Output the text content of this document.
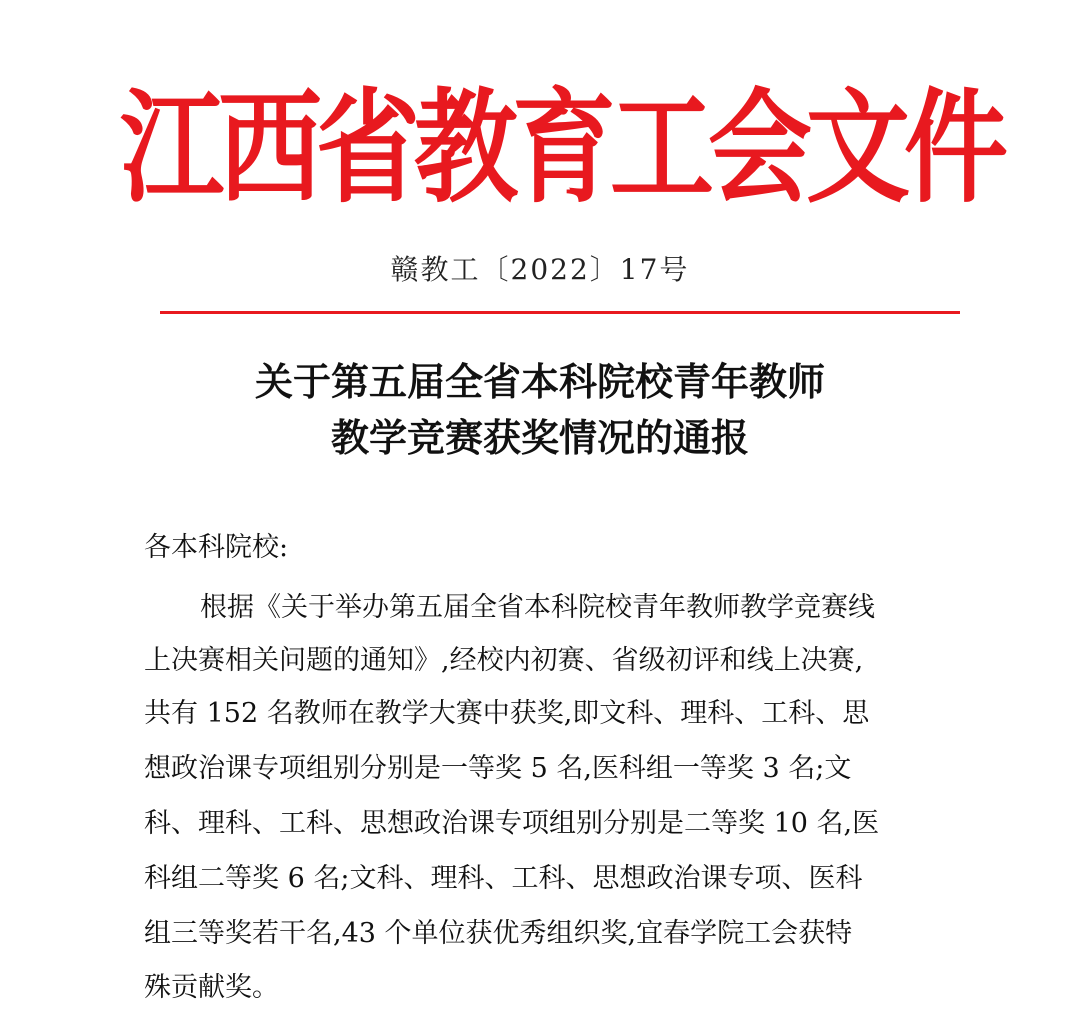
江西省教育工会文件
赣教工〔2022〕17号
关于第五届全省本科院校青年教师
教学竞赛获奖情况的通报
各本科院校:
根据《关于举办第五届全省本科院校青年教师教学竞赛线
上决赛相关问题的通知》,经校内初赛、省级初评和线上决赛,
共有 152 名教师在教学大赛中获奖,即文科、理科、工科、思
想政治课专项组别分别是一等奖 5 名,医科组一等奖 3 名;文
科、理科、工科、思想政治课专项组别分别是二等奖 10 名,医
科组二等奖 6 名;文科、理科、工科、思想政治课专项、医科
组三等奖若干名,43 个单位获优秀组织奖,宜春学院工会获特
殊贡献奖。
